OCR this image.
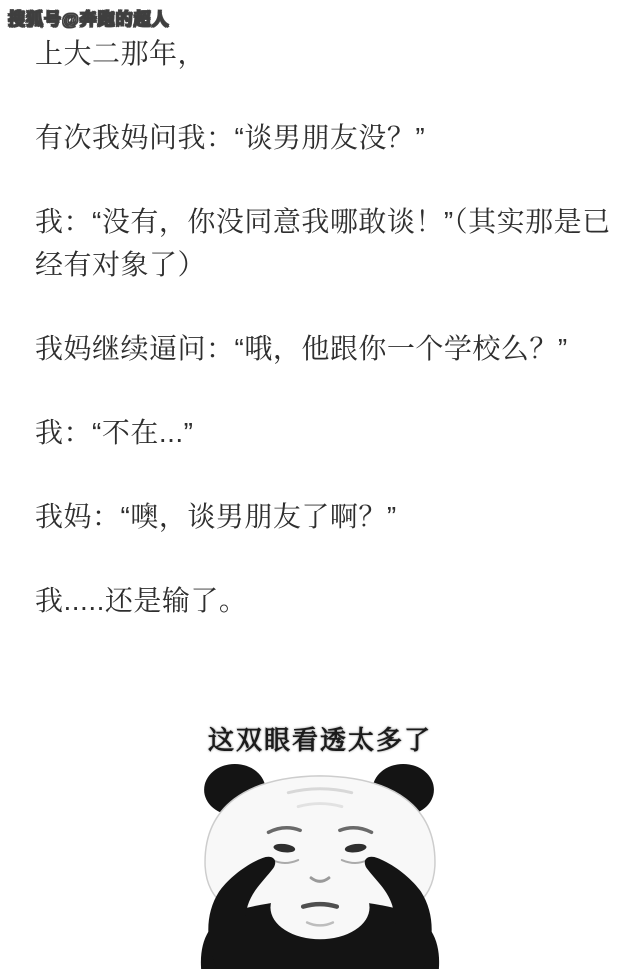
搜狐号@奔跑的超人

上大二那年，

有次我妈问我：“谈男朋友没？”

我：“没有，你没同意我哪敢谈！”（其实那是已经有对象了）

我妈继续逼问：“哦，他跟你一个学校么？”

我：“不在...”

我妈：“噢，谈男朋友了啊？”

我.....还是输了。

这双眼看透太多了
